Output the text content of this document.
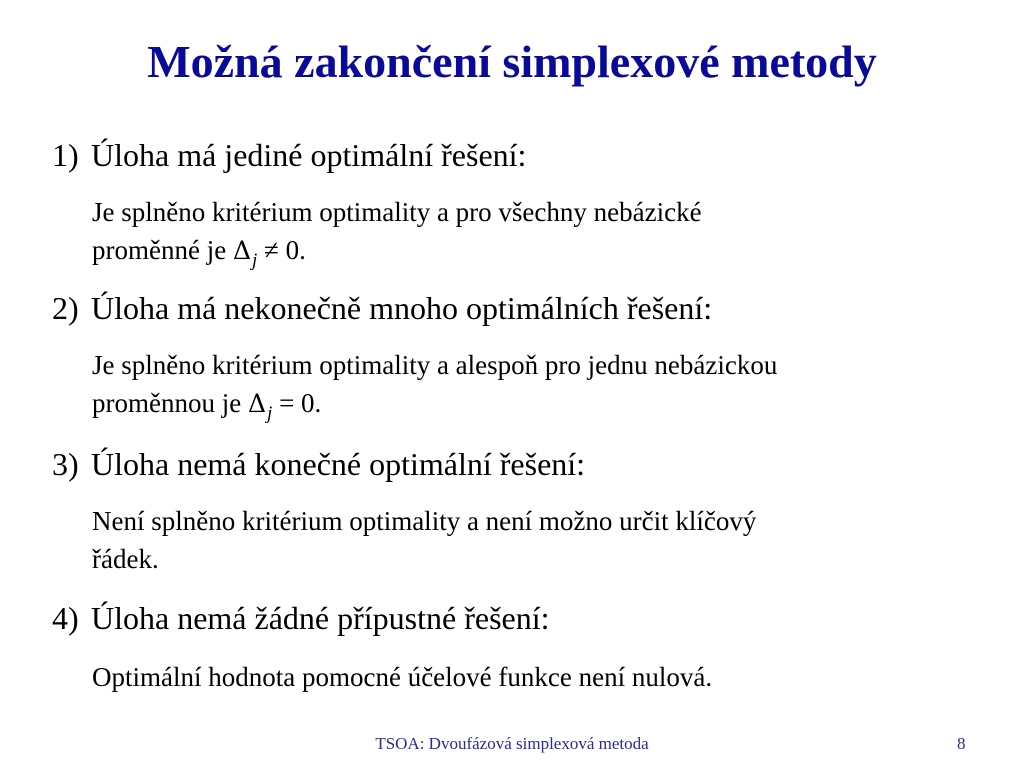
Možná zakončení simplexové metody
1) Úloha má jediné optimální řešení:
Je splněno kritérium optimality a pro všechny nebázické
proměnné je $\Delta_j \ne 0$.
2) Úloha má nekonečně mnoho optimálních řešení:
Je splněno kritérium optimality a alespoň pro jednu nebázickou
proměnnou je $\Delta_j = 0$.
3) Úloha nemá konečné optimální řešení:
Není splněno kritérium optimality a není možno určit klíčový
řádek.
4) Úloha nemá žádné přípustné řešení:
Optimální hodnota pomocné účelové funkce není nulová.
TSOA: Dvoufázová simplexová metoda	8
